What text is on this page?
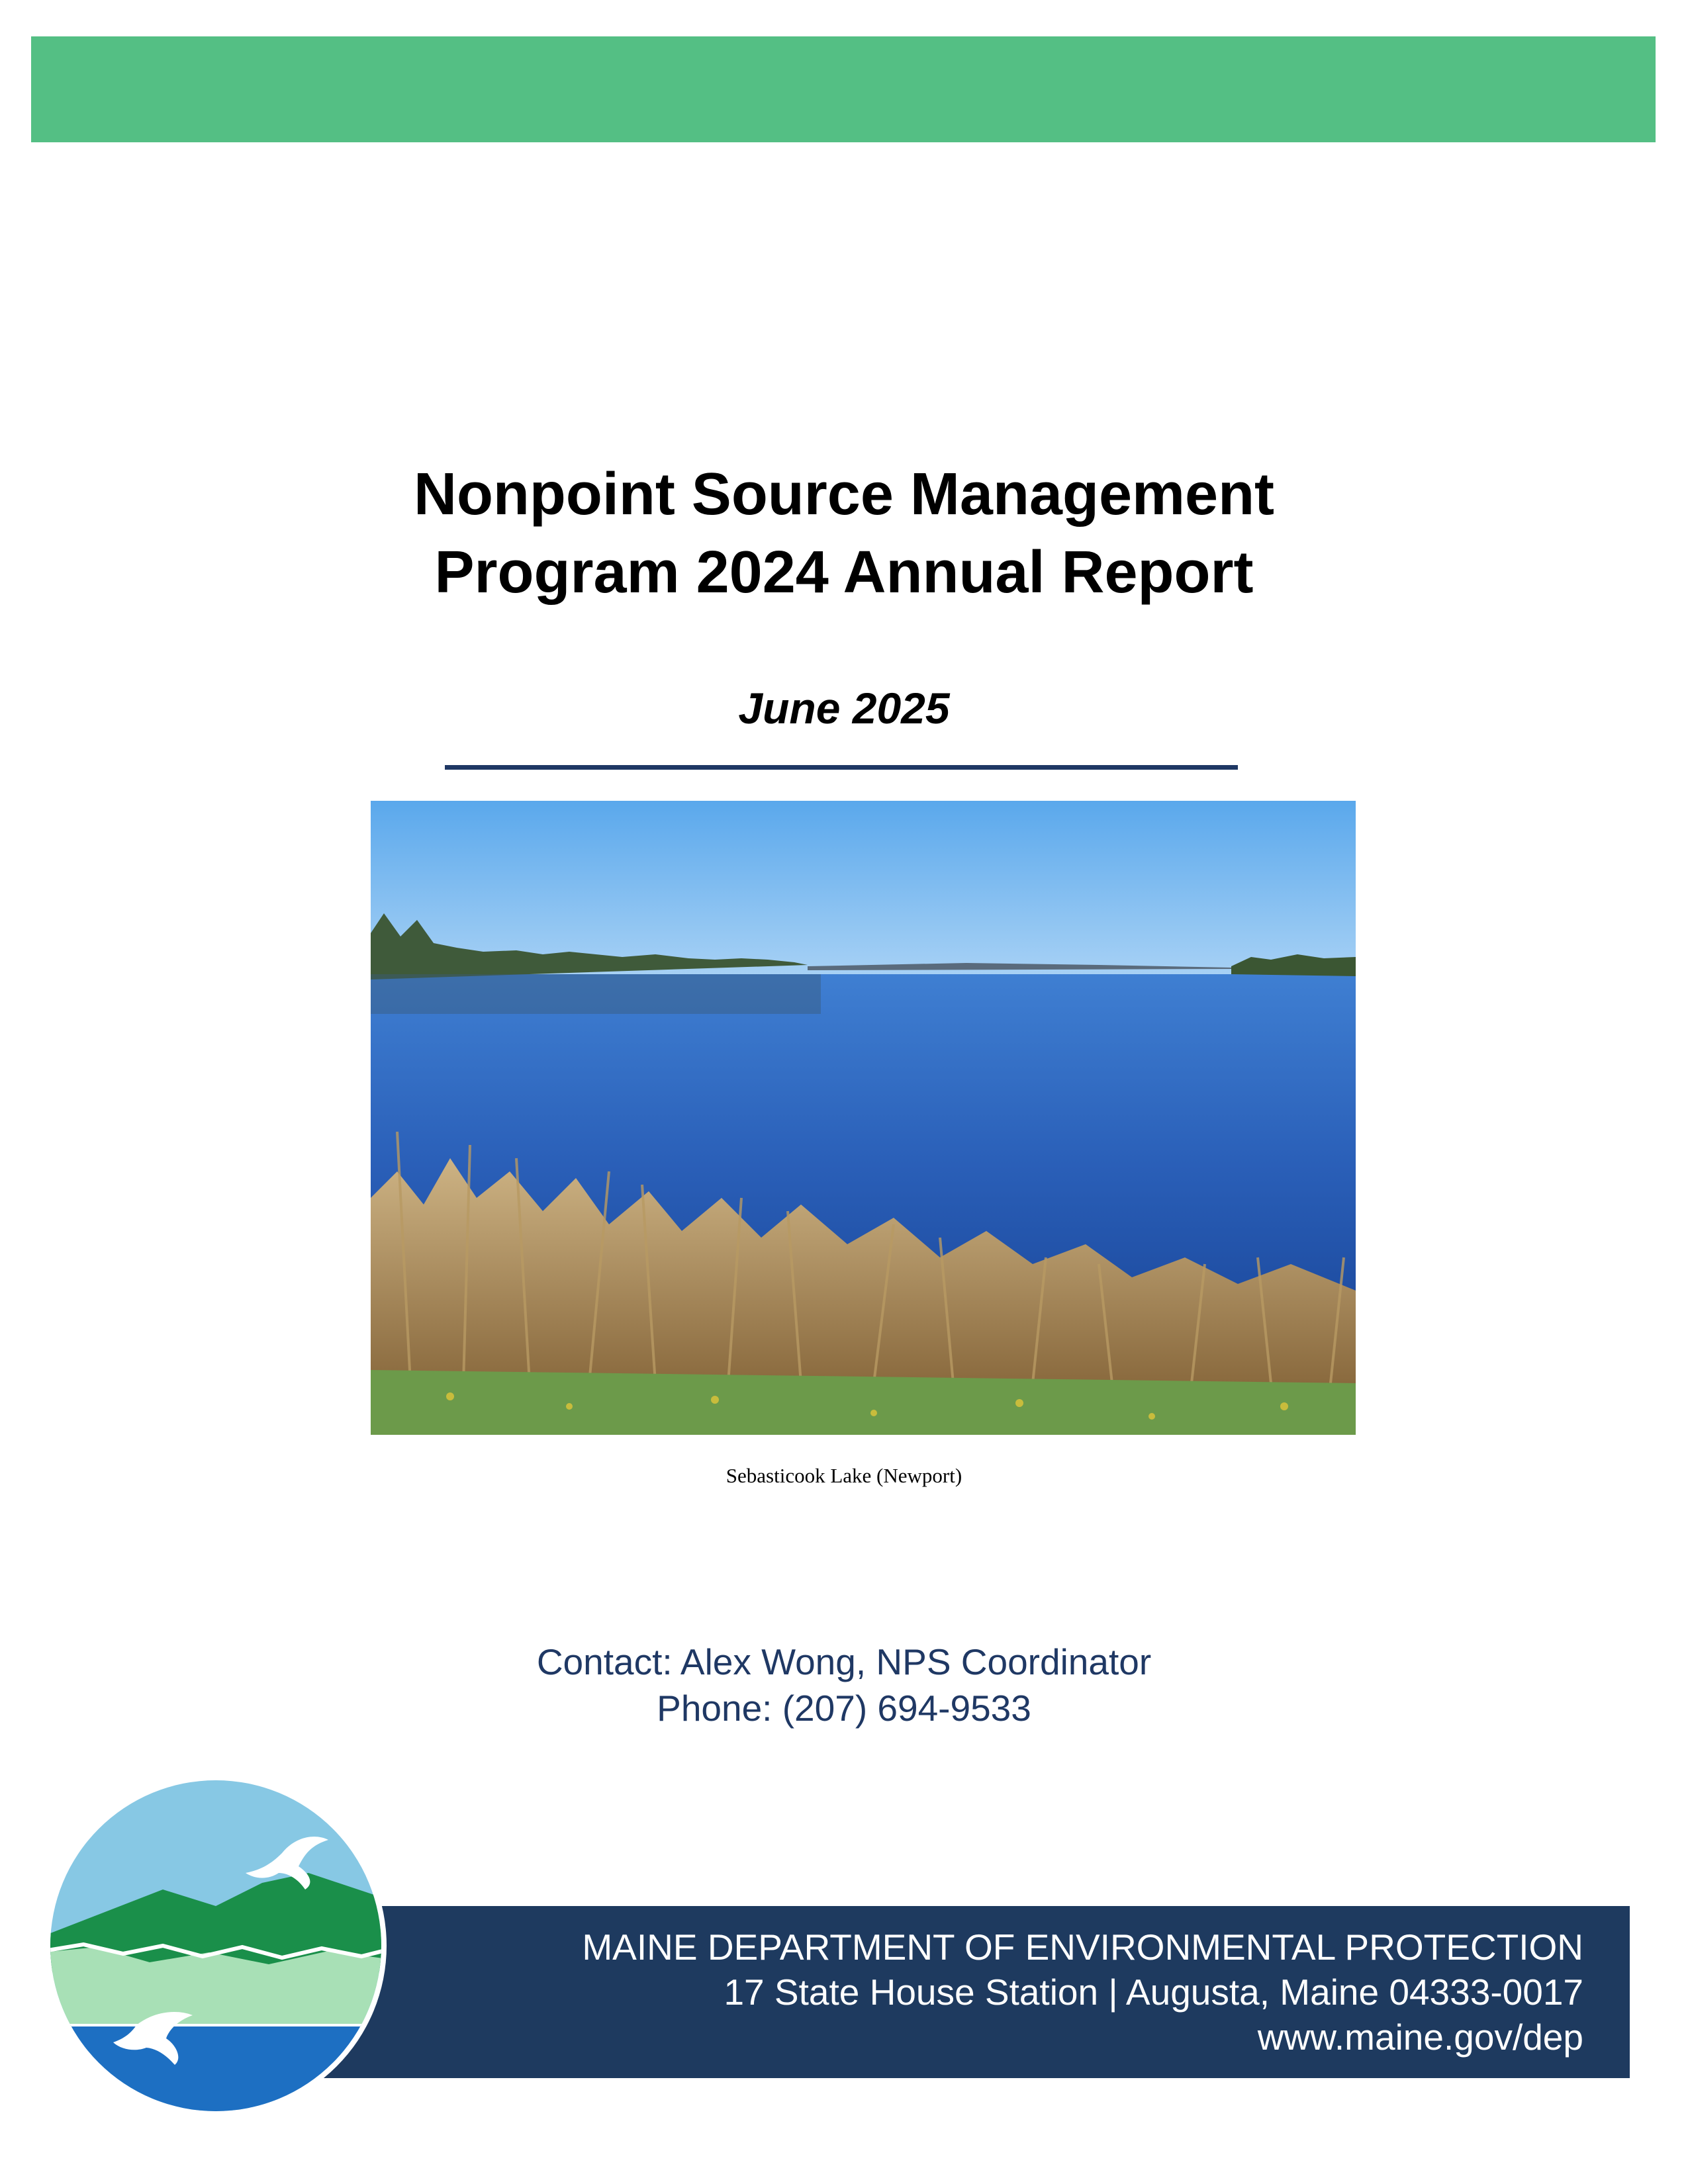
Nonpoint Source Management
Program 2024 Annual Report
June 2025
Sebasticook Lake (Newport)
Contact: Alex Wong, NPS Coordinator
Phone: (207) 694-9533
MAINE DEPARTMENT OF ENVIRONMENTAL PROTECTION
17 State House Station | Augusta, Maine 04333-0017
www.maine.gov/dep
